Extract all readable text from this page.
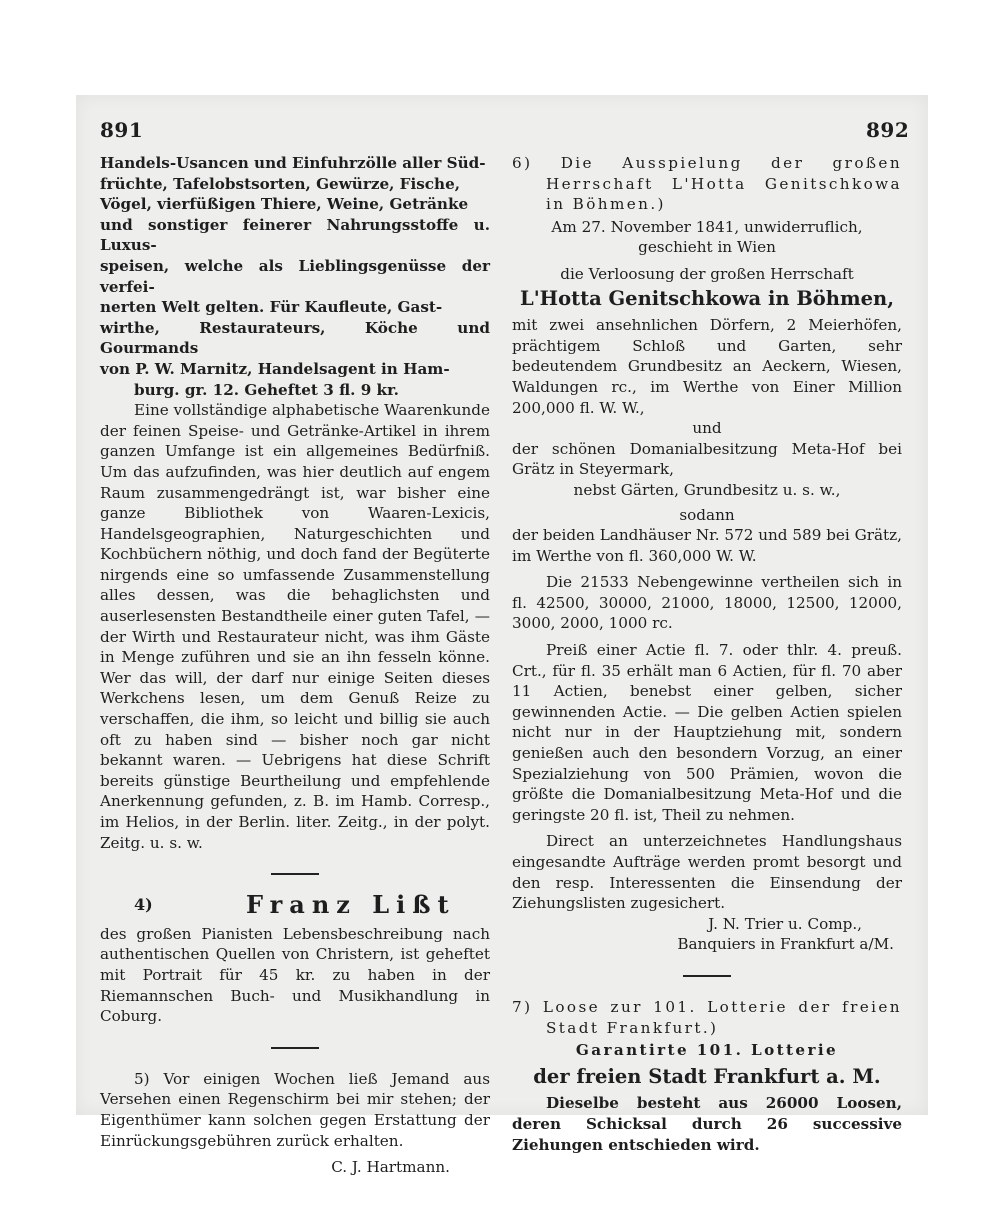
891	892
Handels-Usancen und Einfuhrzölle aller Süd-
früchte, Tafelobstsorten, Gewürze, Fische,
Vögel, vierfüßigen Thiere, Weine, Getränke
und sonstiger feinerer Nahrungsstoffe u. Luxus-
speisen, welche als Lieblingsgenüsse der verfei-
nerten Welt gelten. Für Kaufleute, Gast-
wirthe, Restaurateurs, Köche und Gourmands
von P. W. Marnitz, Handelsagent in Ham-
burg. gr. 12. Geheftet 3 fl. 9 kr.

Eine vollständige alphabetische Waarenkunde der feinen Speise- und Getränke-Artikel in ihrem ganzen Umfange ist ein allgemeines Bedürfniß. Um das aufzufinden, was hier deutlich auf engem Raum zusammengedrängt ist, war bisher eine ganze Bibliothek von Waaren-Lexicis, Handelsgeographien, Naturgeschichten und Kochbüchern nöthig, und doch fand der Begüterte nirgends eine so umfassende Zusammenstellung alles dessen, was die behaglichsten und auserlesensten Bestandtheile einer guten Tafel, — der Wirth und Restaurateur nicht, was ihm Gäste in Menge zuführen und sie an ihn fesseln könne. Wer das will, der darf nur einige Seiten dieses Werkchens lesen, um dem Genuß Reize zu verschaffen, die ihm, so leicht und billig sie auch oft zu haben sind — bisher noch gar nicht bekannt waren. — Uebrigens hat diese Schrift bereits günstige Beurtheilung und empfehlende Anerkennung gefunden, z. B. im Hamb. Corresp., im Helios, in der Berlin. liter. Zeitg., in der polyt. Zeitg. u. s. w.

4)	Franz Lißt

des großen Pianisten Lebensbeschreibung nach authentischen Quellen von Christern, ist geheftet mit Portrait für 45 kr. zu haben in der Riemannschen Buch- und Musikhandlung in Coburg.

5) Vor einigen Wochen ließ Jemand aus Versehen einen Regenschirm bei mir stehen; der Eigenthümer kann solchen gegen Erstattung der Einrückungsgebühren zurück erhalten.

C. J. Hartmann.

6) Die Ausspielung der großen Herrschaft L'Hotta Genitschkowa in Böhmen.)

Am 27. November 1841, unwiderruflich,
geschieht in Wien
die Verloosung der großen Herrschaft
L'Hotta Genitschkowa in Böhmen,

mit zwei ansehnlichen Dörfern, 2 Meierhöfen, prächtigem Schloß und Garten, sehr bedeutendem Grundbesitz an Aeckern, Wiesen, Waldungen rc., im Werthe von Einer Million 200,000 fl. W. W.,

und

der schönen Domanialbesitzung Meta-Hof bei Grätz in Steyermark,

nebst Gärten, Grundbesitz u. s. w.,
sodann

der beiden Landhäuser Nr. 572 und 589 bei Grätz, im Werthe von fl. 360,000 W. W.

Die 21533 Nebengewinne vertheilen sich in fl. 42500, 30000, 21000, 18000, 12500, 12000, 3000, 2000, 1000 rc.

Preiß einer Actie fl. 7. oder thlr. 4. preuß. Crt., für fl. 35 erhält man 6 Actien, für fl. 70 aber 11 Actien, benebst einer gelben, sicher gewinnenden Actie. — Die gelben Actien spielen nicht nur in der Hauptziehung mit, sondern genießen auch den besondern Vorzug, an einer Spezialziehung von 500 Prämien, wovon die größte die Domanialbesitzung Meta-Hof und die geringste 20 fl. ist, Theil zu nehmen.

Direct an unterzeichnetes Handlungshaus eingesandte Aufträge werden promt besorgt und den resp. Interessenten die Einsendung der Ziehungslisten zugesichert.

J. N. Trier u. Comp.,
Banquiers in Frankfurt a/M.

7) Loose zur 101. Lotterie der freien Stadt Frankfurt.)

Garantirte 101. Lotterie
der freien Stadt Frankfurt a. M.

Dieselbe besteht aus 26000 Loosen, deren Schicksal durch 26 successive Ziehungen entschieden wird.
